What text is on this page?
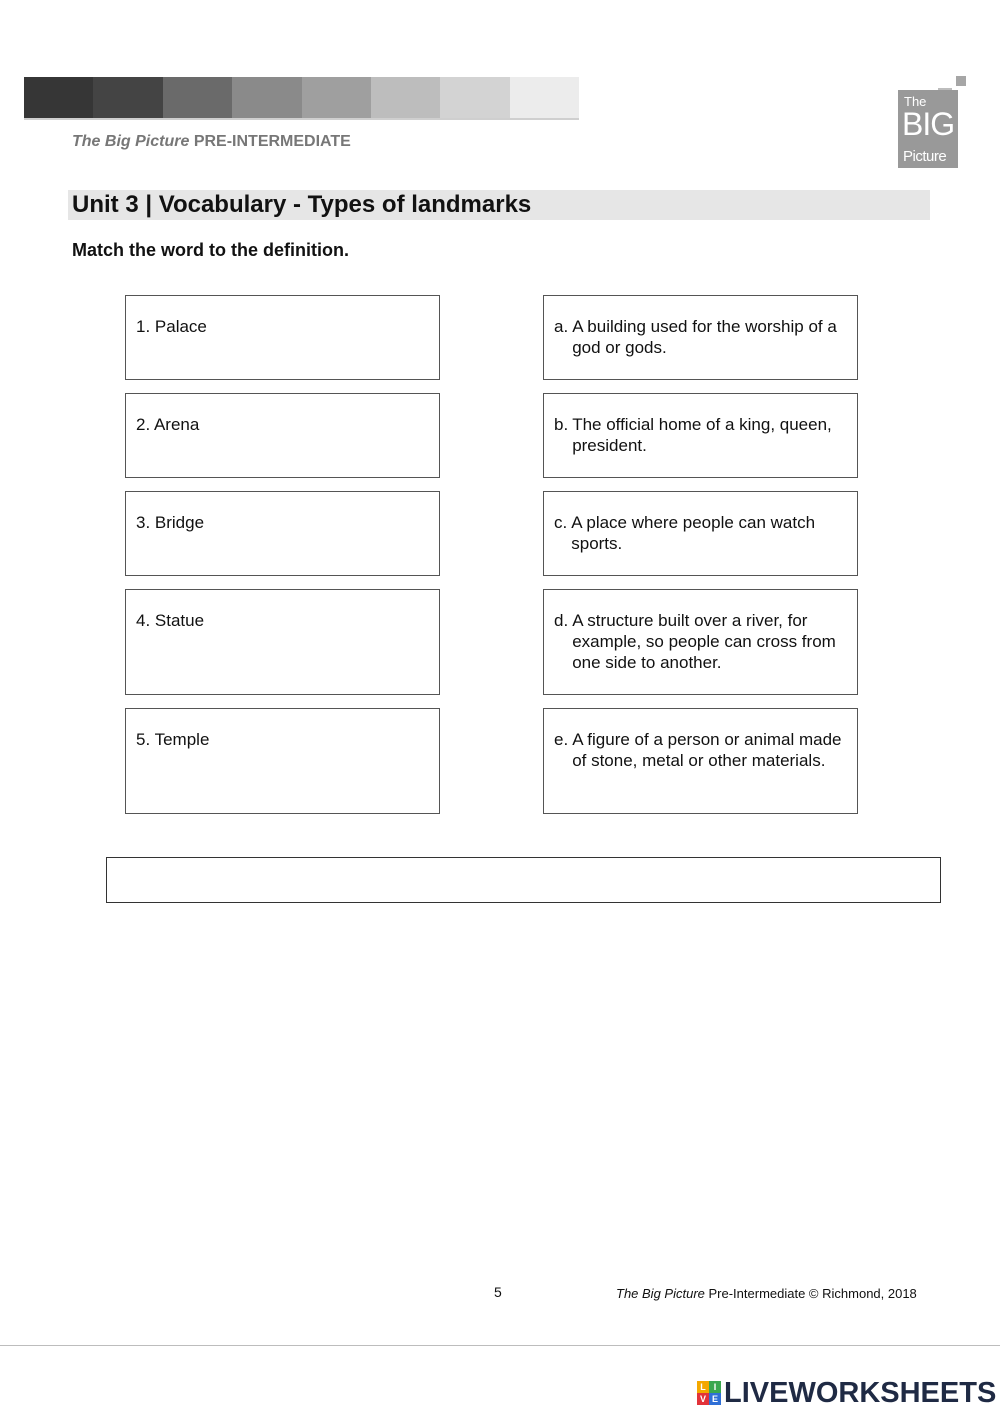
The Big Picture PRE-INTERMEDIATE
The
BIG
Picture
Unit 3 | Vocabulary - Types of landmarks
Match the word to the definition.
1. Palace
2. Arena
3. Bridge
4. Statue
5. Temple
a. A building used for the worship of a god or gods.
b. The official home of a king, queen, president.
c. A place where people can watch sports.
d. A structure built over a river, for example, so people can cross from one side to another.
e. A figure of a person or animal made of stone, metal or other materials.
5	The Big Picture Pre-Intermediate © Richmond, 2018
L I
V E LIVEWORKSHEETS
